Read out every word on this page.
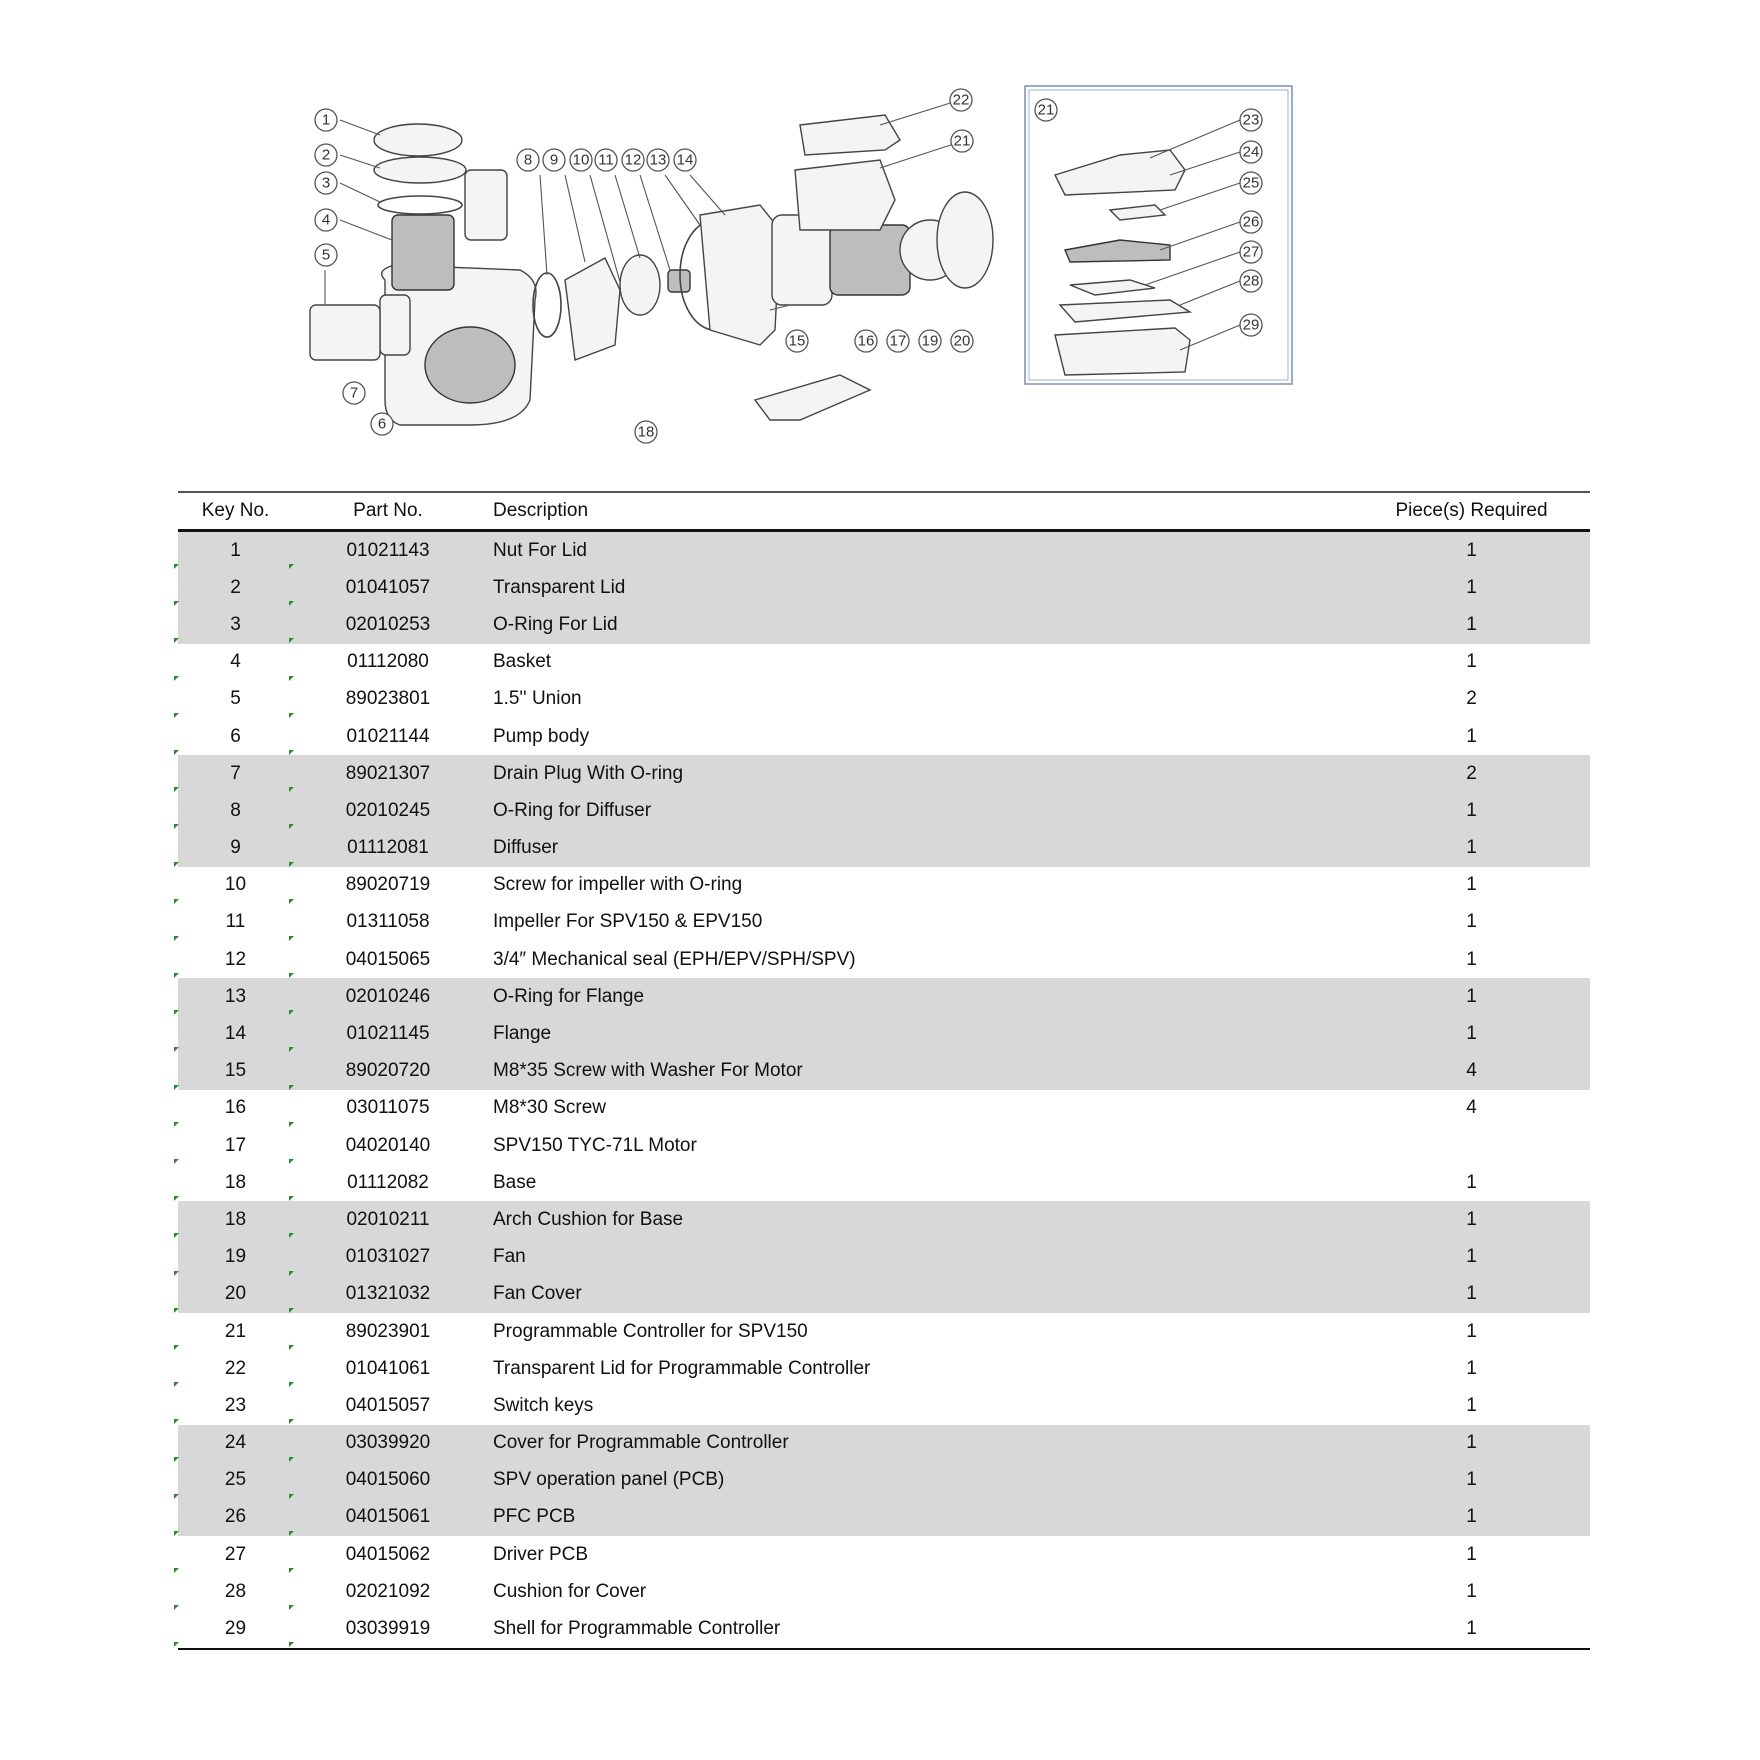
1
2
3
4
5
6
7
8 9 10 11 12 13 14
15	16 17
18
19 20
21
22
21
23
24
25
26
27
28
29
Key No.	Part No.	Description	Piece(s) Required
1	01021143	Nut For Lid	1
2	01041057	Transparent Lid	1
3	02010253	O-Ring For Lid	1
4	01112080	Basket	1
5	89023801	1.5'' Union	2
6	01021144	Pump body	1
7	89021307	Drain Plug With O-ring	2
8	02010245	O-Ring for Diffuser	1
9	01112081	Diffuser	1
10	89020719	Screw for impeller with O-ring	1
11	01311058	Impeller For SPV150 & EPV150	1
12	04015065	3/4″ Mechanical seal (EPH/EPV/SPH/SPV)	1
13	02010246	O-Ring for Flange	1
14	01021145	Flange	1
15	89020720	M8*35 Screw with Washer For Motor	4
16	03011075	M8*30 Screw	4
17	04020140	SPV150 TYC-71L Motor	
18	01112082	Base	1
18	02010211	Arch Cushion for Base	1
19	01031027	Fan	1
20	01321032	Fan Cover	1
21	89023901	Programmable Controller for SPV150	1
22	01041061	Transparent Lid for Programmable Controller	1
23	04015057	Switch keys	1
24	03039920	Cover for Programmable Controller	1
25	04015060	SPV operation panel (PCB)	1
26	04015061	PFC PCB	1
27	04015062	Driver PCB	1
28	02021092	Cushion for Cover	1
29	03039919	Shell for Programmable Controller	1
